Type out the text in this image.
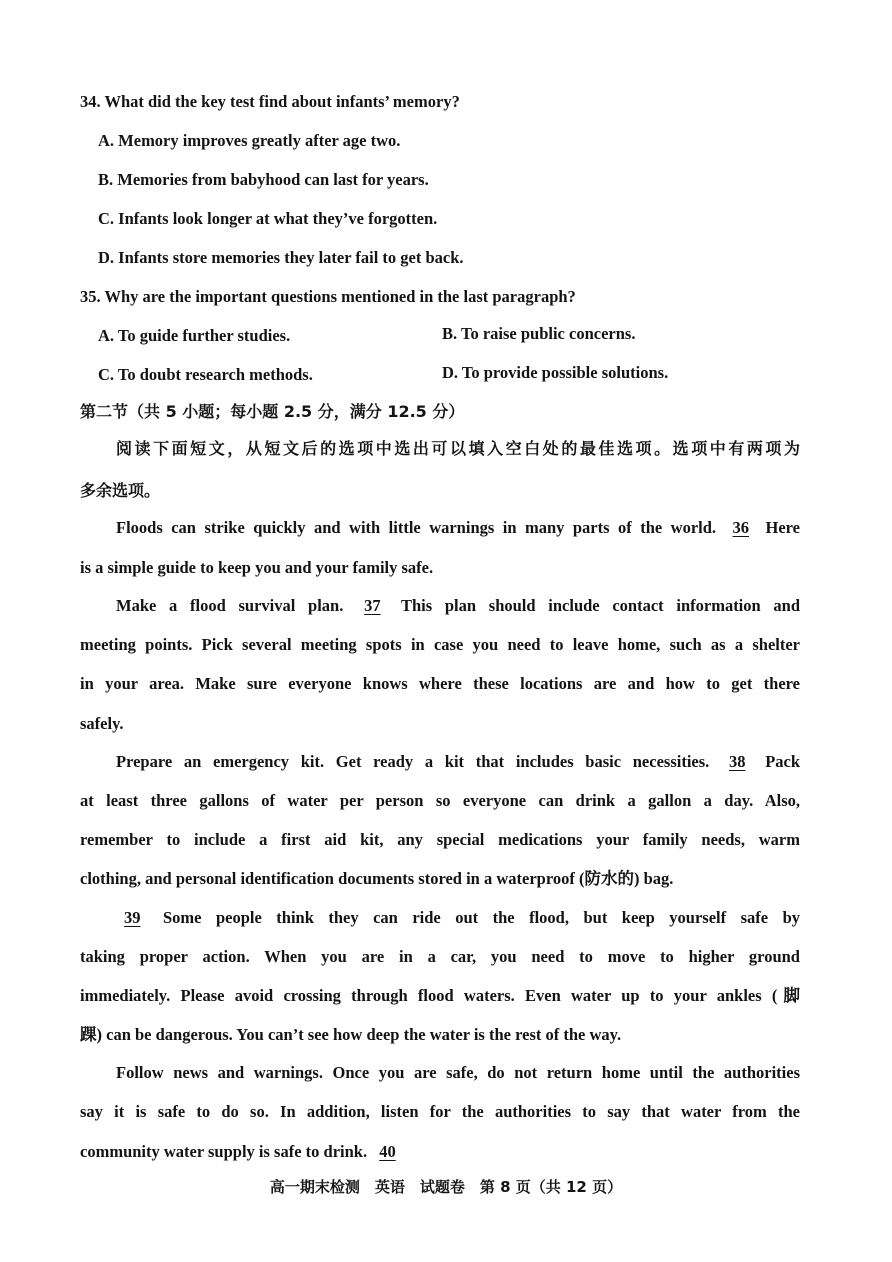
34. What did the key test find about infants’ memory?
A. Memory improves greatly after age two.
B. Memories from babyhood can last for years.
C. Infants look longer at what they’ve forgotten.
D. Infants store memories they later fail to get back.
35. Why are the important questions mentioned in the last paragraph?
A. To guide further studies.	B. To raise public concerns.
C. To doubt research methods.	D. To provide possible solutions.
第二节（共 5 小题；每小题 2.5 分，满分 12.5 分）
阅读下面短文，从短文后的选项中选出可以填入空白处的最佳选项。选项中有两项为
多余选项。
Floods can strike quickly and with little warnings in many parts of the world. 36 Here
is a simple guide to keep you and your family safe.
Make a flood survival plan. 37 This plan should include contact information and
meeting points. Pick several meeting spots in case you need to leave home, such as a shelter
in your area. Make sure everyone knows where these locations are and how to get there
safely.
Prepare an emergency kit. Get ready a kit that includes basic necessities. 38 Pack
at least three gallons of water per person so everyone can drink a gallon a day. Also,
remember to include a first aid kit, any special medications your family needs, warm
clothing, and personal identification documents stored in a waterproof (防水的) bag.
39 Some people think they can ride out the flood, but keep yourself safe by
taking proper action. When you are in a car, you need to move to higher ground
immediately. Please avoid crossing through flood waters. Even water up to your ankles (脚
踝) can be dangerous. You can’t see how deep the water is the rest of the way.
Follow news and warnings. Once you are safe, do not return home until the authorities
say it is safe to do so. In addition, listen for the authorities to say that water from the
community water supply is safe to drink. 40
高一期末检测　英语　试题卷　第 8 页（共 12 页）
